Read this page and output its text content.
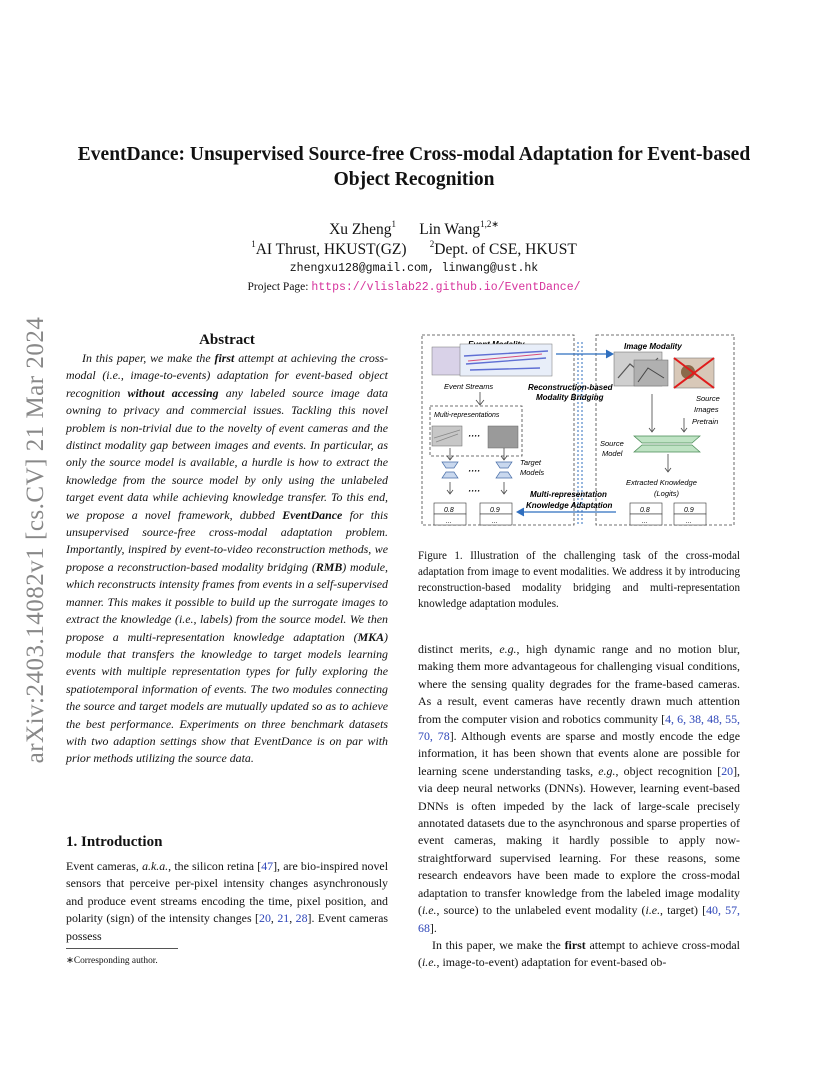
arXiv:2403.14082v1 [cs.CV] 21 Mar 2024
EventDance: Unsupervised Source-free Cross-modal Adaptation for Event-based
Object Recognition
Xu Zheng$^1$ Lin Wang$^{1,2∗}$
$^1$AI Thrust, HKUST(GZ)	$^2$Dept. of CSE, HKUST
zhengxu128@gmail.com, linwang@ust.hk
Project Page: https://vlislab22.github.io/EventDance/
Abstract

In this paper, we make the first attempt at achieving the cross-modal (i.e., image-to-events) adaptation for event-based object recognition without accessing any labeled source image data owning to privacy and commercial issues. Tackling this novel problem is non-trivial due to the novelty of event cameras and the distinct modality gap between images and events. In particular, as only the source model is available, a hurdle is how to extract the knowledge from the source model by only using the unlabeled target event data while achieving knowledge transfer. To this end, we propose a novel framework, dubbed EventDance for this unsupervised source-free cross-modal adaptation problem. Importantly, inspired by event-to-video reconstruction methods, we propose a reconstruction-based modality bridging (RMB) module, which reconstructs intensity frames from events in a self-supervised manner. This makes it possible to build up the surrogate images to extract the knowledge (i.e., labels) from the source model. We then propose a multi-representation knowledge adaptation (MKA) module that transfers the knowledge to target models learning events with multiple representation types for fully exploring the spatiotemporal information of events. The two modules connecting the source and target models are mutually updated so as to achieve the best performance. Experiments on three benchmark datasets with two adaption settings show that EventDance is on par with prior methods utilizing the source data.

1. Introduction

Event cameras, a.k.a., the silicon retina [47], are bio-inspired novel sensors that perceive per-pixel intensity changes asynchronously and produce event streams encoding the time, pixel position, and polarity (sign) of the intensity changes [20, 21, 28]. Event cameras possess

∗Corresponding author.
Image Modality
Event Streams
Multi-representations
····
····
····
Target
Models
0.8
...
0.9
...
Reconstruction-based
Modality Bridging	Source
Images
Pretrain
Source
Model
Extracted Knowledge
(Logits)
0.8
...
0.9
...
Multi-representation
Knowledge Adaptation
Figure 1. Illustration of the challenging task of the cross-modal adaptation from image to event modalities. We address it by introducing reconstruction-based modality bridging and multi-representation knowledge adaptation modules.

distinct merits, e.g., high dynamic range and no motion blur, making them more advantageous for challenging visual conditions, where the sensing quality degrades for the frame-based cameras. As a result, event cameras have recently drawn much attention from the computer vision and robotics community [4, 6, 38, 48, 55, 70, 78]. Although events are sparse and mostly encode the edge information, it has been shown that events alone are possible for learning scene understanding tasks, e.g., object recognition [20], via deep neural networks (DNNs). However, learning event-based DNNs is often impeded by the lack of large-scale precisely annotated datasets due to the asynchronous and sparse properties of event cameras, making it hardly possible to apply now-straightforward supervised learning. For these reasons, some research endeavors have been made to explore the cross-modal adaptation to transfer knowledge from the labeled image modality (i.e., source) to the unlabeled event modality (i.e., target) [40, 57, 68].

In this paper, we make the first attempt to achieve cross-modal (i.e., image-to-event) adaptation for event-based ob-
